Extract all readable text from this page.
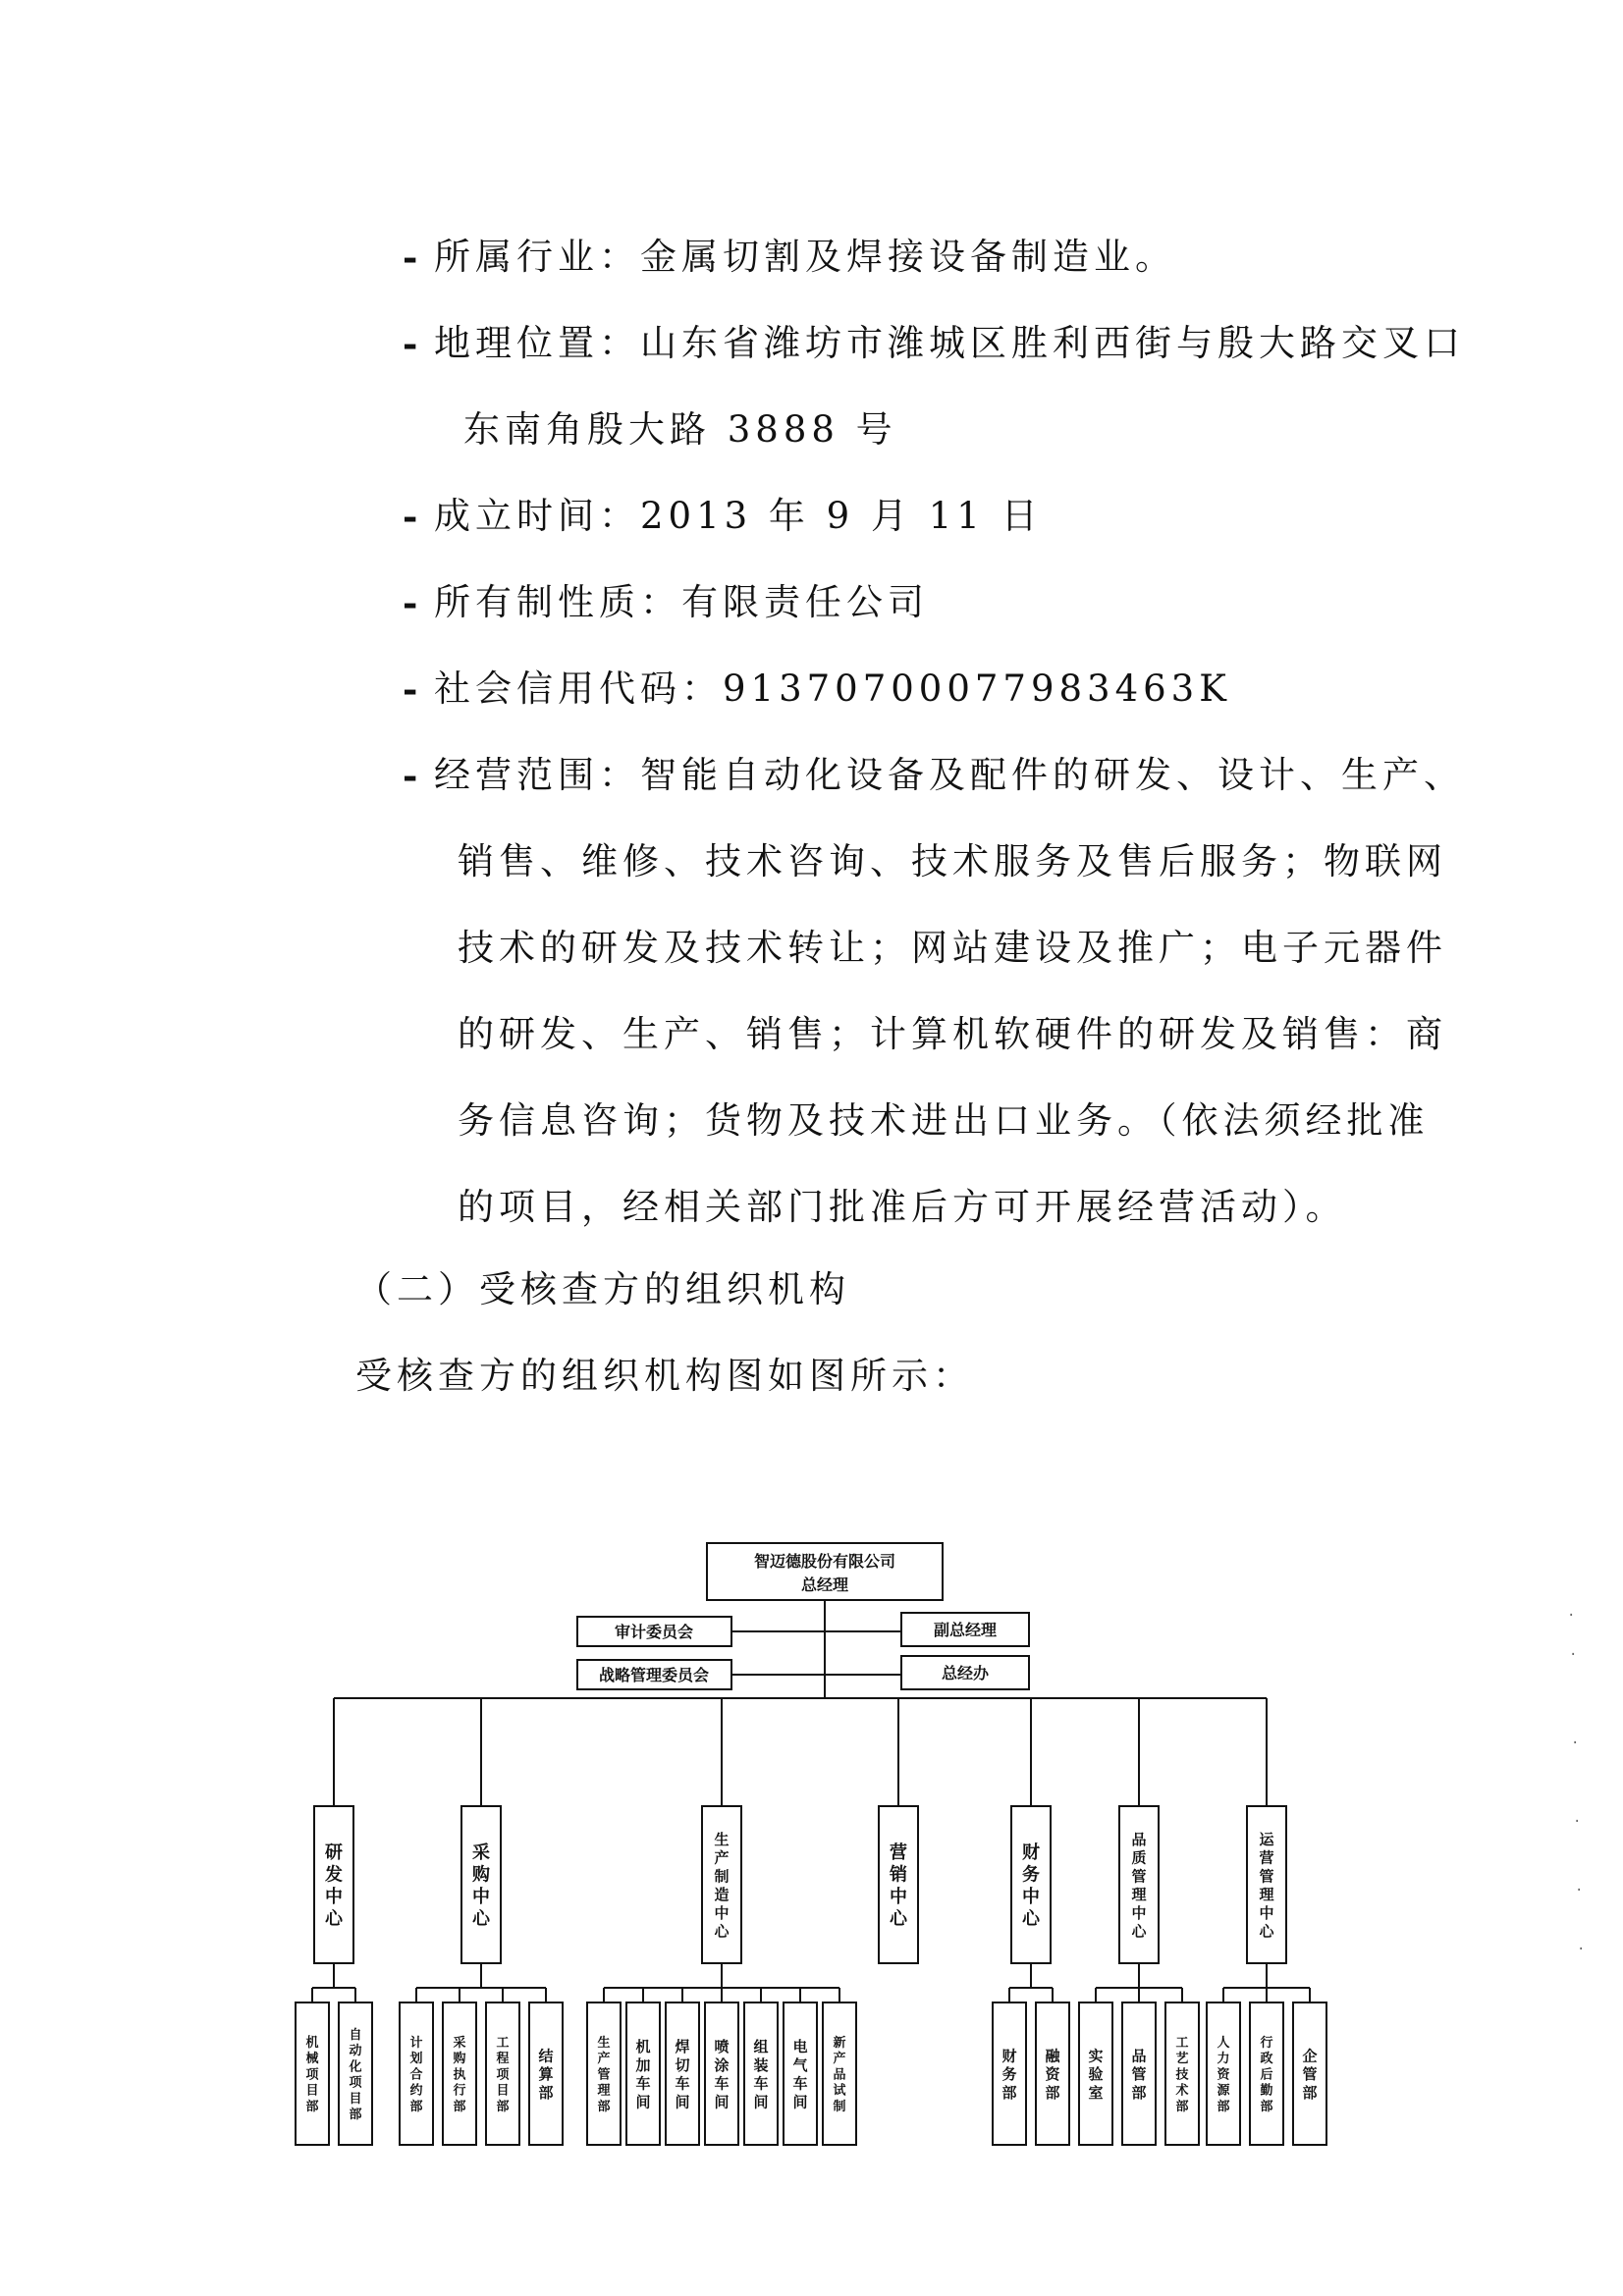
- 所属行业：金属切割及焊接设备制造业。
- 地理位置：山东省潍坊市潍城区胜利西街与殷大路交叉口
东南角殷大路 3888 号
- 成立时间：2013 年 9 月 11 日
- 所有制性质：有限责任公司
- 社会信用代码：91370700077983463K
- 经营范围：智能自动化设备及配件的研发、设计、生产、
销售、维修、技术咨询、技术服务及售后服务；物联网
技术的研发及技术转让；网站建设及推广；电子元器件
的研发、生产、销售；计算机软硬件的研发及销售：商
务信息咨询；货物及技术进出口业务。（依法须经批准
的项目，经相关部门批准后方可开展经营活动）。
（二）受核查方的组织机构
受核查方的组织机构图如图所示：
智迈德股份有限公司
总经理
审计委员会
战略管理委员会
副总经理
总经办
·
·
·
·
·
·
研发中心
机械项目部
自动化项目部
采购中心
计划合约部
采购执行部
工程项目部
结算部
生产制造中心
生产管理部
机加车间
焊切车间
喷涂车间
组装车间
电气车间
新产品试制
营销中心
财务中心
财务部
融资部
品质管理中心
实验室
品管部
工艺技术部
运营管理中心
人力资源部
行政后勤部
企管部
